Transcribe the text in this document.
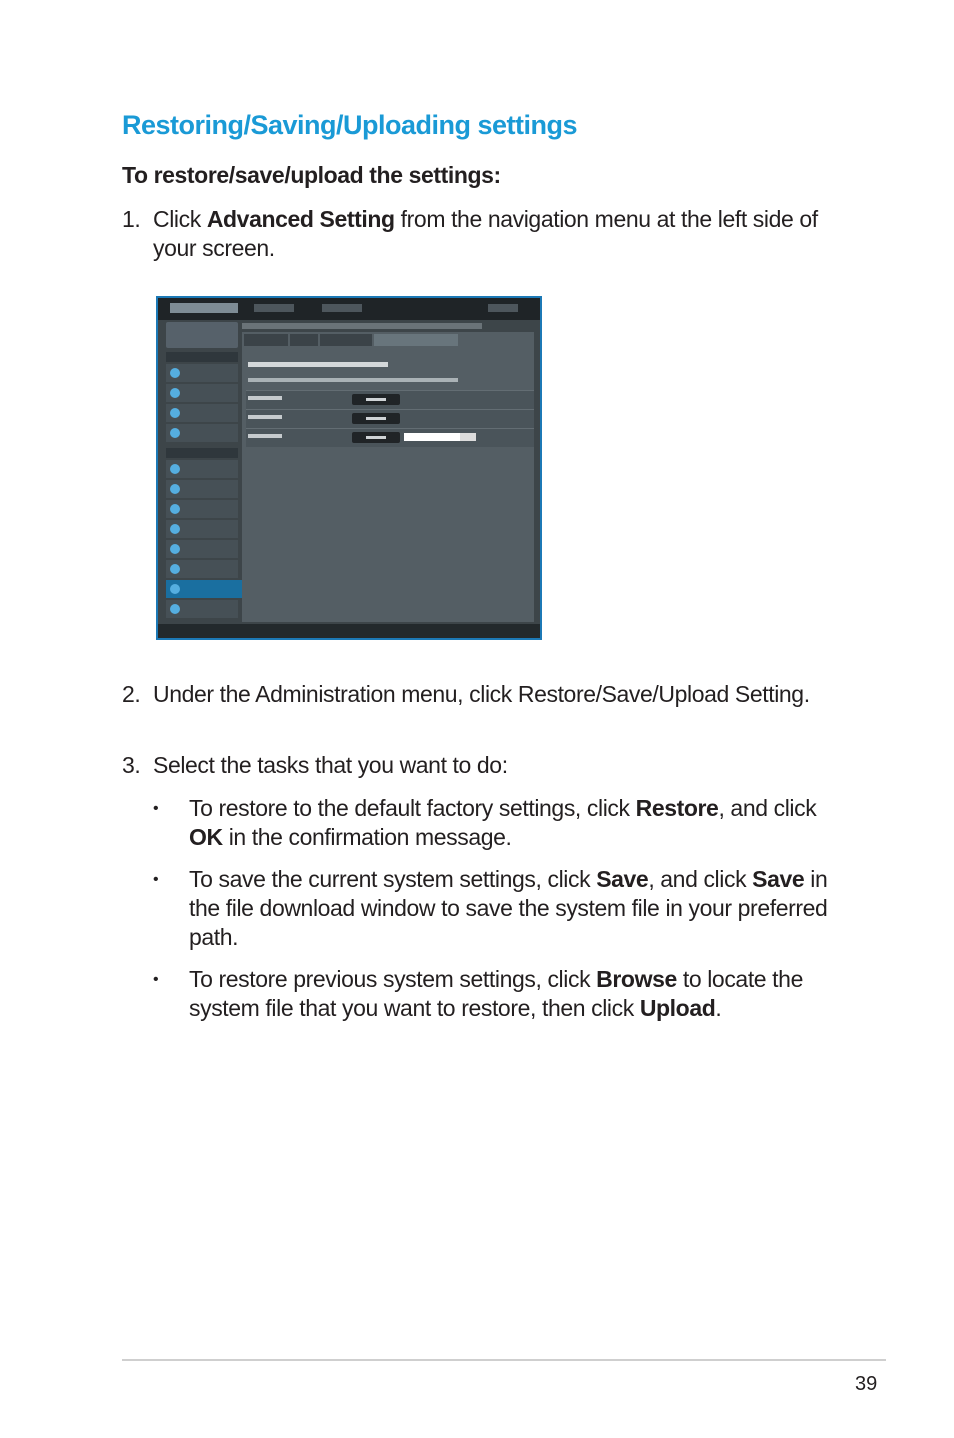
Restoring/Saving/Uploading settings
To restore/save/upload the settings:
1. Click Advanced Setting from the navigation menu at the left side of your screen.
2. Under the Administration menu, click Restore/Save/Upload Setting.
3. Select the tasks that you want to do:
• To restore to the default factory settings, click Restore, and click OK in the confirmation message.
• To save the current system settings, click Save, and click Save in the file download window to save the system file in your preferred path.
• To restore previous system settings, click Browse to locate the system file that you want to restore, then click Upload.
39
